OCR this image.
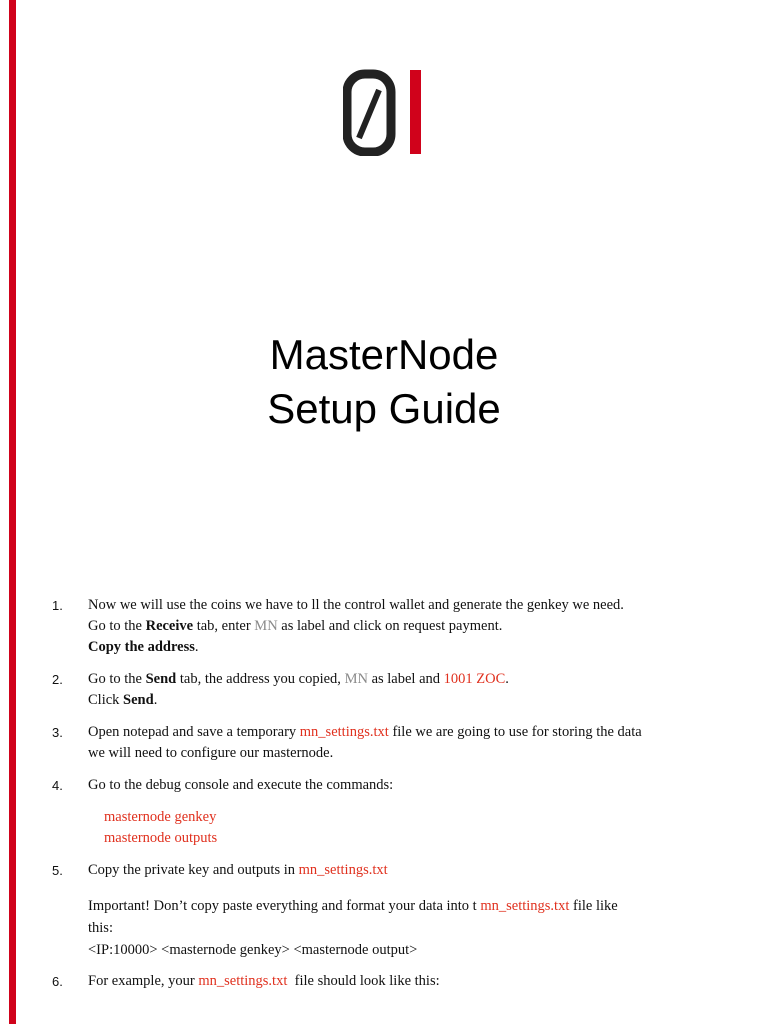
MasterNode
Setup Guide
1. Now we will use the coins we have to ll the control wallet and generate the genkey we need.
Go to the Receive tab, enter MN as label and click on request payment.
Copy the address.
2. Go to the Send tab, the address you copied, MN as label and 1001 ZOC.
Click Send.
3. Open notepad and save a temporary mn_settings.txt file we are going to use for storing the data
we will need to configure our masternode.
4. Go to the debug console and execute the commands:
masternode genkey
masternode outputs
5. Copy the private key and outputs in mn_settings.txt
Important! Don’t copy paste everything and format your data into t mn_settings.txt file like
this:
<IP:10000> <masternode genkey> <masternode output>
6. For example, your mn_settings.txt  file should look like this:
